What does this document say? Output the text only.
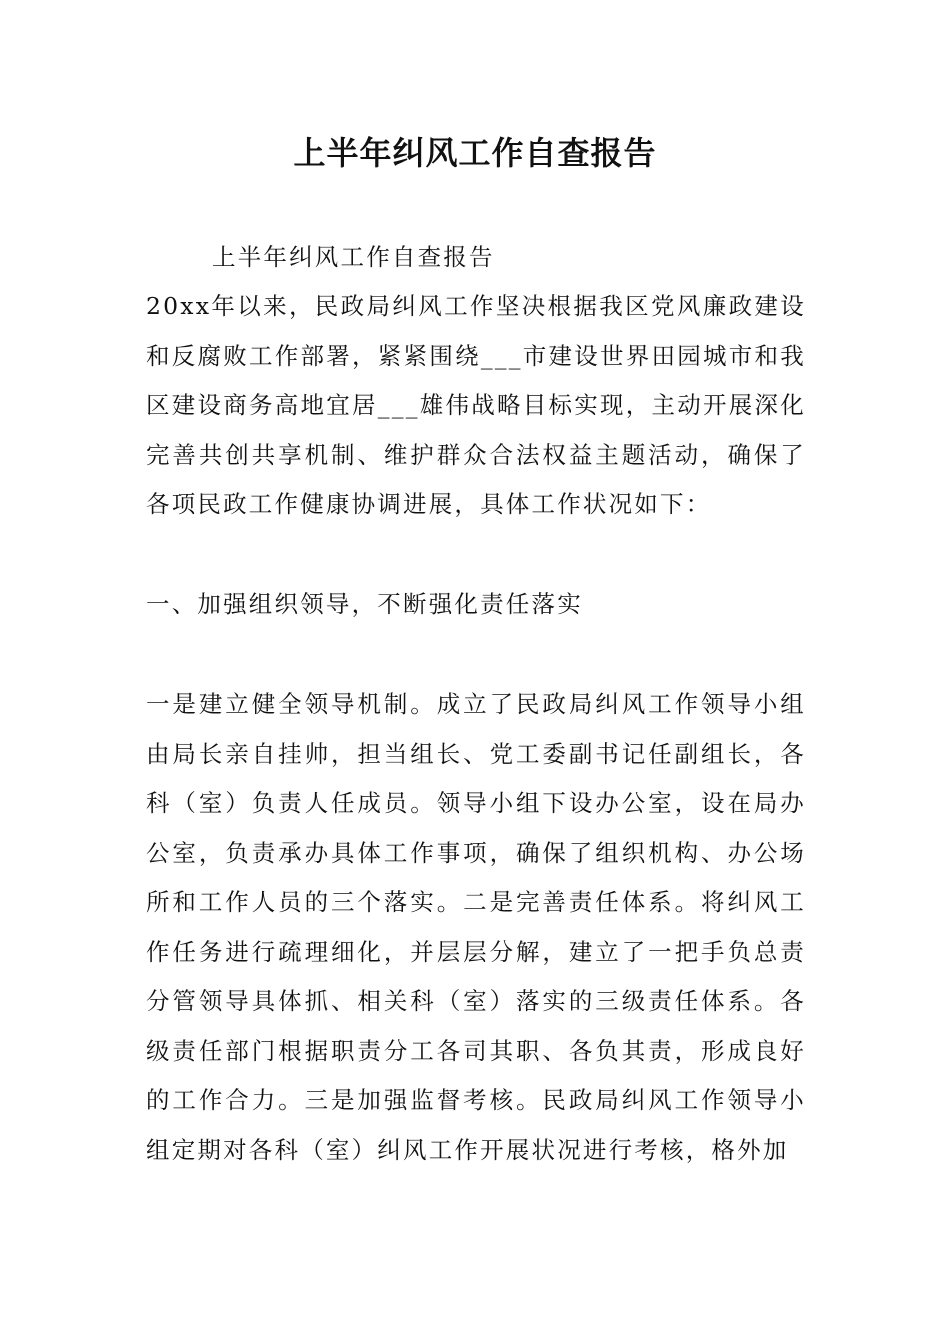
上半年纠风工作自查报告

上半年纠风工作自查报告

20xx年以来，民政局纠风工作坚决根据我区党风廉政建设和反腐败工作部署，紧紧围绕___市建设世界田园城市和我区建设商务高地宜居___雄伟战略目标实现，主动开展深化完善共创共享机制、维护群众合法权益主题活动，确保了各项民政工作健康协调进展，具体工作状况如下：

一、加强组织领导，不断强化责任落实

一是建立健全领导机制。成立了民政局纠风工作领导小组由局长亲自挂帅，担当组长、党工委副书记任副组长，各科（室）负责人任成员。领导小组下设办公室，设在局办公室，负责承办具体工作事项，确保了组织机构、办公场所和工作人员的三个落实。二是完善责任体系。将纠风工作任务进行疏理细化，并层层分解，建立了一把手负总责分管领导具体抓、相关科（室）落实的三级责任体系。各级责任部门根据职责分工各司其职、各负其责，形成良好的工作合力。三是加强监督考核。民政局纠风工作领导小组定期对各科（室）纠风工作开展状况进行考核，格外加
